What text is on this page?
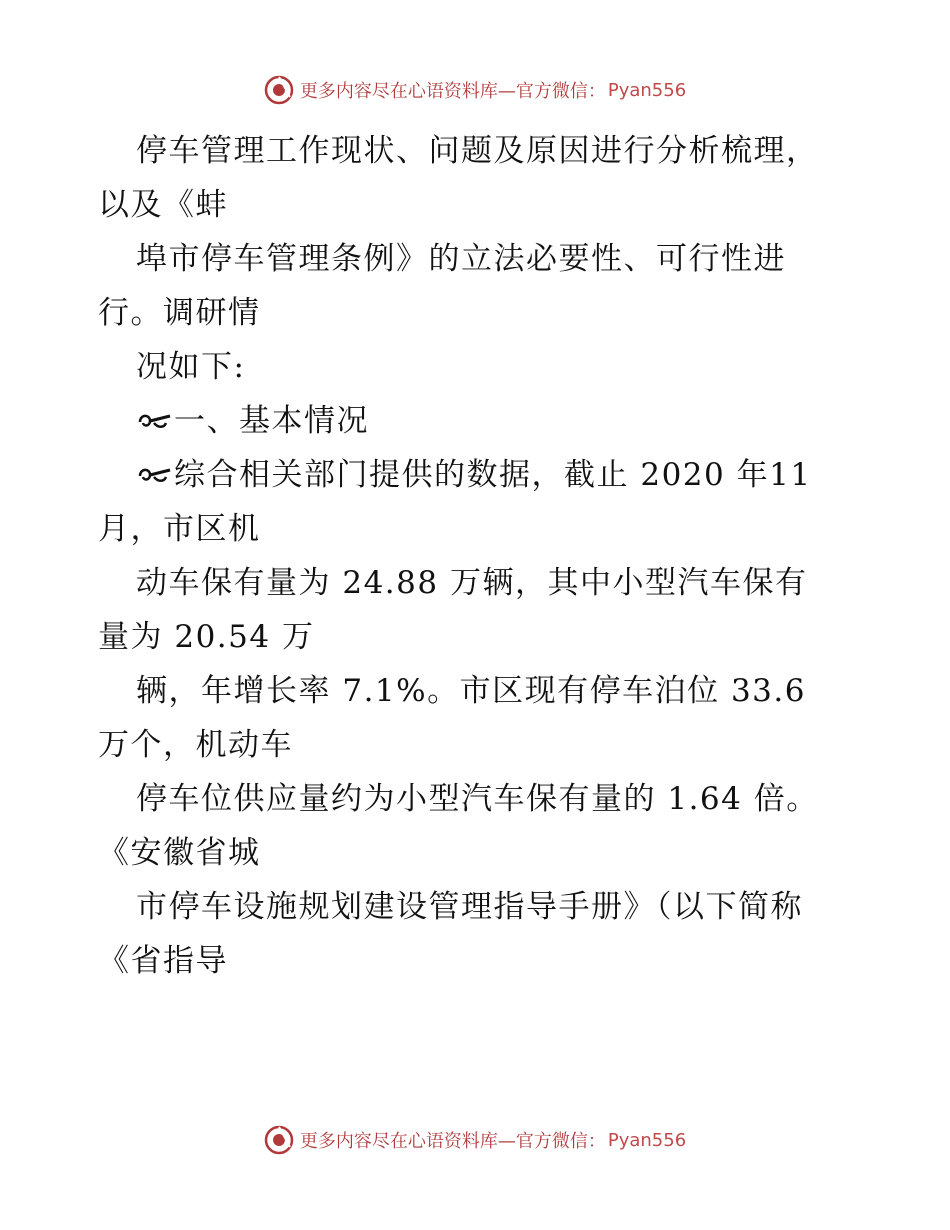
更多内容尽在心语资料库—官方微信： Pyan556
停车管理工作现状、问题及原因进行分析梳理，
以及《蚌
埠市停车管理条例》的立法必要性、可行性进
行。调研情
况如下:
一、基本情况
综合相关部门提供的数据，截止 2020 年11
月，市区机
动车保有量为 24.88 万辆，其中小型汽车保有
量为 20.54 万
辆，年增长率 7.1%。市区现有停车泊位 33.6
万个，机动车
停车位供应量约为小型汽车保有量的 1.64 倍。
《安徽省城
市停车设施规划建设管理指导手册》（以下简称
《省指导
更多内容尽在心语资料库—官方微信： Pyan556
